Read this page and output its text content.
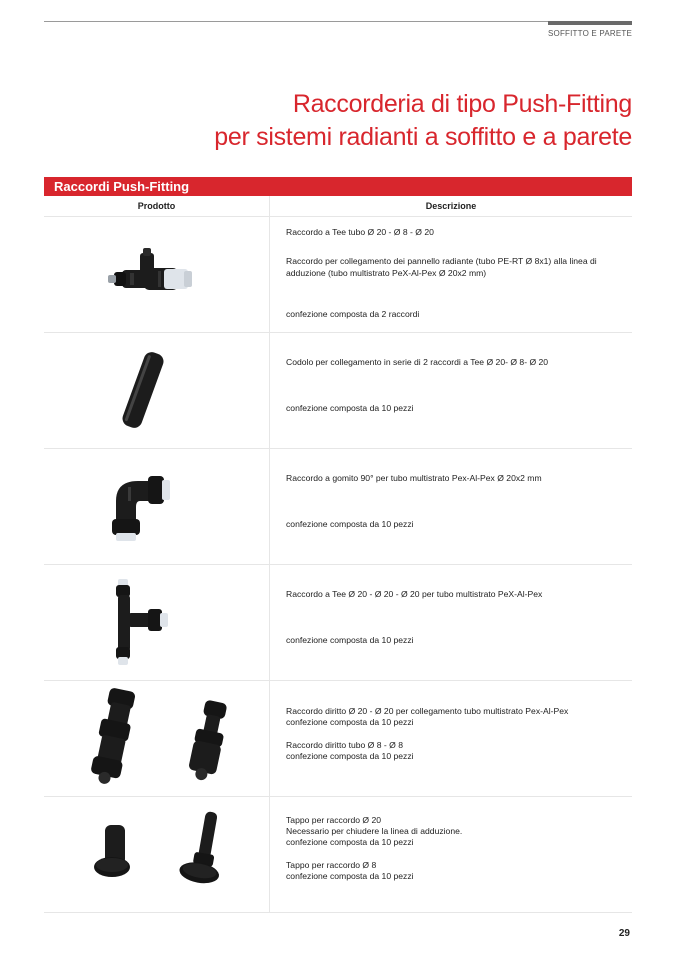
SOFFITTO E PARETE
Raccorderia di tipo Push-Fitting
per sistemi radianti a soffitto e a parete
Raccordi Push-Fitting
Prodotto	Descrizione

Raccordo a Tee tubo Ø 20 - Ø 8 - Ø 20

Raccordo per collegamento dei pannello radiante (tubo PE-RT Ø 8x1) alla linea di adduzione (tubo multistrato PeX-Al-Pex Ø 20x2 mm)

confezione composta da 2 raccordi

Codolo per collegamento in serie di 2 raccordi a Tee Ø 20- Ø 8- Ø 20

confezione composta da 10 pezzi

Raccordo a gomito 90° per tubo multistrato Pex-Al-Pex Ø 20x2 mm

confezione composta da 10 pezzi

Raccordo a Tee Ø 20 - Ø 20 - Ø 20 per tubo multistrato PeX-Al-Pex

confezione composta da 10 pezzi

Raccordo diritto Ø 20 - Ø 20 per collegamento tubo multistrato Pex-Al-Pex

confezione composta da 10 pezzi

Raccordo diritto tubo Ø 8 - Ø 8

confezione composta da 10 pezzi

Tappo per raccordo Ø 20

Necessario per chiudere la linea di adduzione.

confezione composta da 10 pezzi

Tappo per raccordo Ø 8

confezione composta da 10 pezzi

29
